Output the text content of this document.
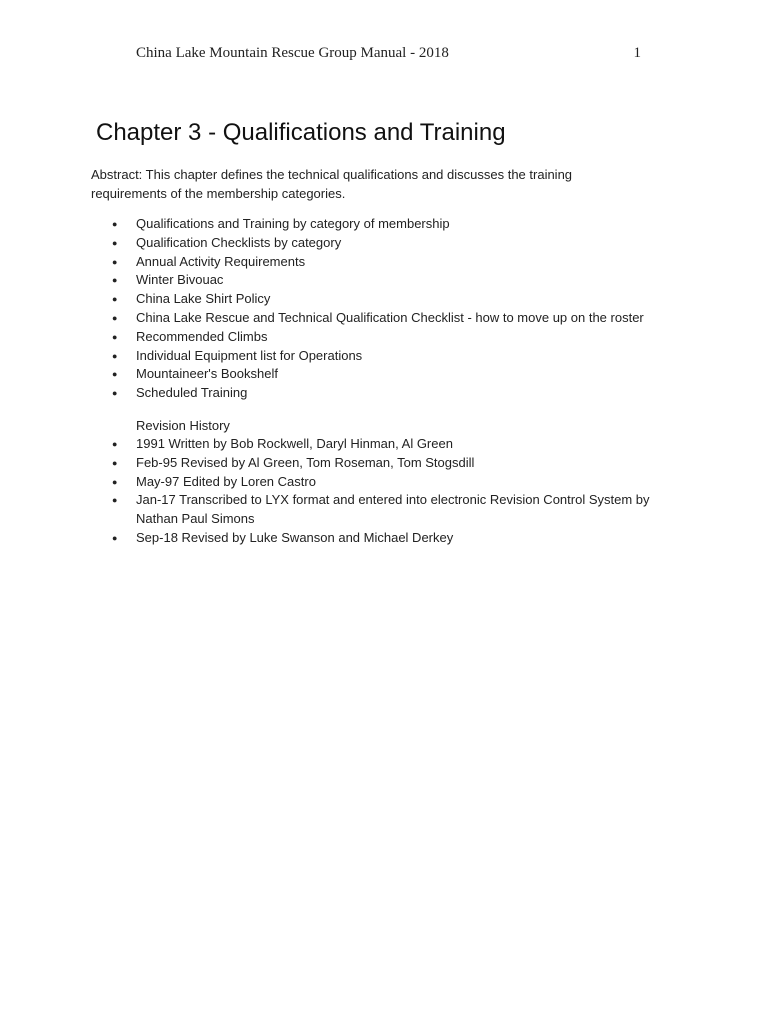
China Lake Mountain Rescue Group Manual - 2018	1
Chapter 3 - Qualifications and Training

Abstract: This chapter defines the technical qualifications and discusses the training requirements of the membership categories.

● Qualifications and Training by category of membership
● Qualification Checklists by category
● Annual Activity Requirements
● Winter Bivouac
● China Lake Shirt Policy
● China Lake Rescue and Technical Qualification Checklist - how to move up on the roster
● Recommended Climbs
● Individual Equipment list for Operations
● Mountaineer's Bookshelf
● Scheduled Training
Revision History
● 1991 Written by Bob Rockwell, Daryl Hinman, Al Green
● Feb-95 Revised by Al Green, Tom Roseman, Tom Stogsdill
● May-97 Edited by Loren Castro
● Jan-17 Transcribed to LYX format and entered into electronic Revision Control System by Nathan Paul Simons
● Sep-18 Revised by Luke Swanson and Michael Derkey
